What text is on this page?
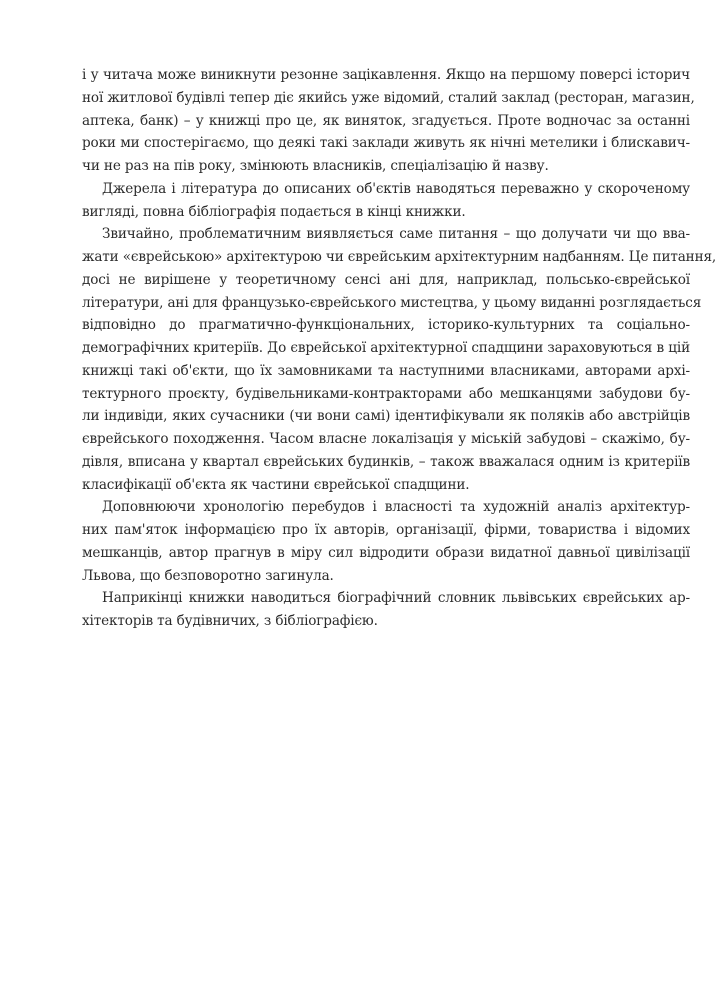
і у читача може виникнути резонне зацікавлення. Якщо на першому поверсі історич
ної житлової будівлі тепер діє якийсь уже відомий, сталий заклад (ресторан, магазин,
аптека, банк) – у книжці про це, як виняток, згадується. Проте водночас за останні
роки ми спостерігаємо, що деякі такі заклади живуть як нічні метелики і блискавич-
чи не раз на пів року, змінюють власників, спеціалізацію й назву.
Джерела і література до описаних об'єктів наводяться переважно у скороченому
вигляді, повна бібліографія подається в кінці книжки.
Звичайно, проблематичним виявляється саме питання – що долучати чи що вва-
жати «єврейською» архітектурою чи єврейським архітектурним надбанням. Це питання,
досі не вирішене у теоретичному сенсі ані для, наприклад, польсько-єврейської
літератури, ані для французько-єврейського мистецтва, у цьому виданні розглядається
відповідно до прагматично-функціональних, історико-культурних та соціально-
демографічних критеріїв. До єврейської архітектурної спадщини зараховуються в цій
книжці такі об'єкти, що їх замовниками та наступними власниками, авторами архі-
тектурного проєкту, будівельниками-контракторами або мешканцями забудови бу-
ли індивіди, яких сучасники (чи вони самі) ідентифікували як поляків або австрійців
єврейського походження. Часом власне локалізація у міській забудові – скажімо, бу-
дівля, вписана у квартал єврейських будинків, – також вважалася одним із критеріїв
класифікації об'єкта як частини єврейської спадщини.
Доповнюючи хронологію перебудов і власності та художній аналіз архітектур-
них пам'яток інформацією про їх авторів, організації, фірми, товариства і відомих
мешканців, автор прагнув в міру сил відродити образи видатної давньої цивілізації
Львова, що безповоротно загинула.
Наприкінці книжки наводиться біографічний словник львівських єврейських ар-
хітекторів та будівничих, з бібліографією.
